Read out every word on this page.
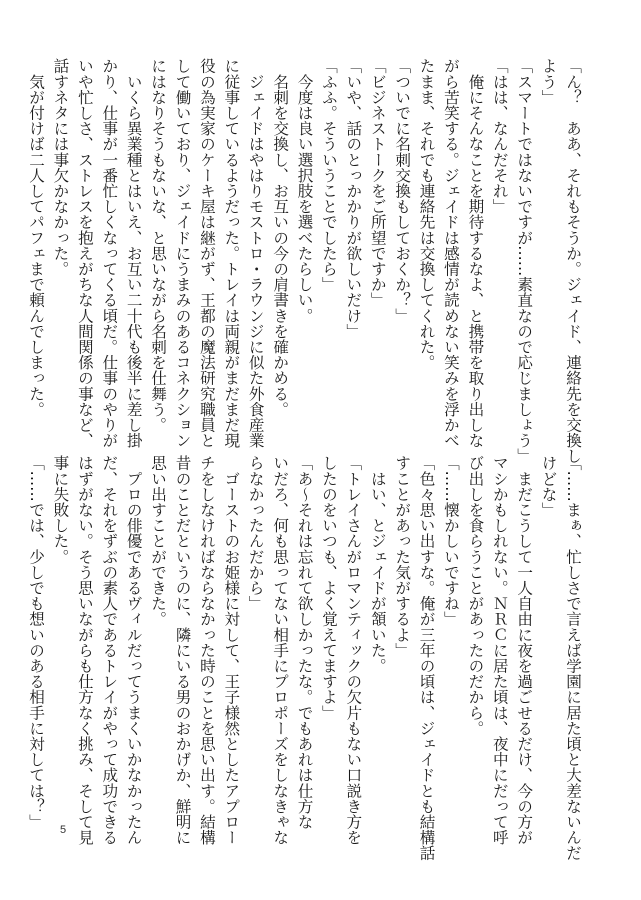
「ん？　ああ、それもそうか。ジェイド、連絡先を交換し
よう」
「スマートではないですが……素直なので応じましょう」
「はは、なんだそれ」
　俺にそんなことを期待するなよ、と携帯を取り出しな
がら苦笑する。ジェイドは感情が読めない笑みを浮かべ
たまま、それでも連絡先は交換してくれた。
「ついでに名刺交換もしておくか？」
「ビジネストークをご所望ですか」
「いや、話のとっかかりが欲しいだけ」
「ふふ。そういうことでしたら」
　今度は良い選択肢を選べたらしい。
　名刺を交換し、お互いの今の肩書きを確かめる。
　ジェイドはやはりモストロ・ラウンジに似た外食産業
に従事しているようだった。トレイは両親がまだまだ現
役の為実家のケーキ屋は継がず、王都の魔法研究職員と
して働いており、ジェイドにうまみのあるコネクション
にはなりそうもないな、と思いながら名刺を仕舞う。
　いくら異業種とはいえ、お互い二十代も後半に差し掛
かり、仕事が一番忙しくなってくる頃だ。仕事のやりが
いや忙しさ、ストレスを抱えがちな人間関係の事など、
話すネタには事欠かなかった。
　気が付けば二人してパフェまで頼んでしまった。
「……まぁ、忙しさで言えば学園に居た頃と大差ないんだ
けどな」
　まだこうして一人自由に夜を過ごせるだけ、今の方が
マシかもしれない。ＮＲＣに居た頃は、夜中にだって呼
び出しを食らうことがあったのだから。
「……懐かしいですね」
「色々思い出すな。俺が三年の頃は、ジェイドとも結構話
すことがあった気がするよ」
　はい、とジェイドが頷いた。
「トレイさんがロマンティックの欠片もない口説き方を
したのをいつも、よく覚えてますよ」
「あ～それは忘れて欲しかったな。でもあれは仕方な
いだろ、何も思ってない相手にプロポーズをしなきゃな
らなかったんだから」
　ゴーストのお姫様に対して、王子様然としたアプロー
チをしなければならなかった時のことを思い出す。結構
昔のことだというのに、隣にいる男のおかげか、鮮明に
思い出すことができた。
　プロの俳優であるヴィルだってうまくいかなかったん
だ、それをずぶの素人であるトレイがやって成功できる
はずがない。そう思いながらも仕方なく挑み、そして見
事に失敗した。
「……では、少しでも想いのある相手に対しては？」
5
